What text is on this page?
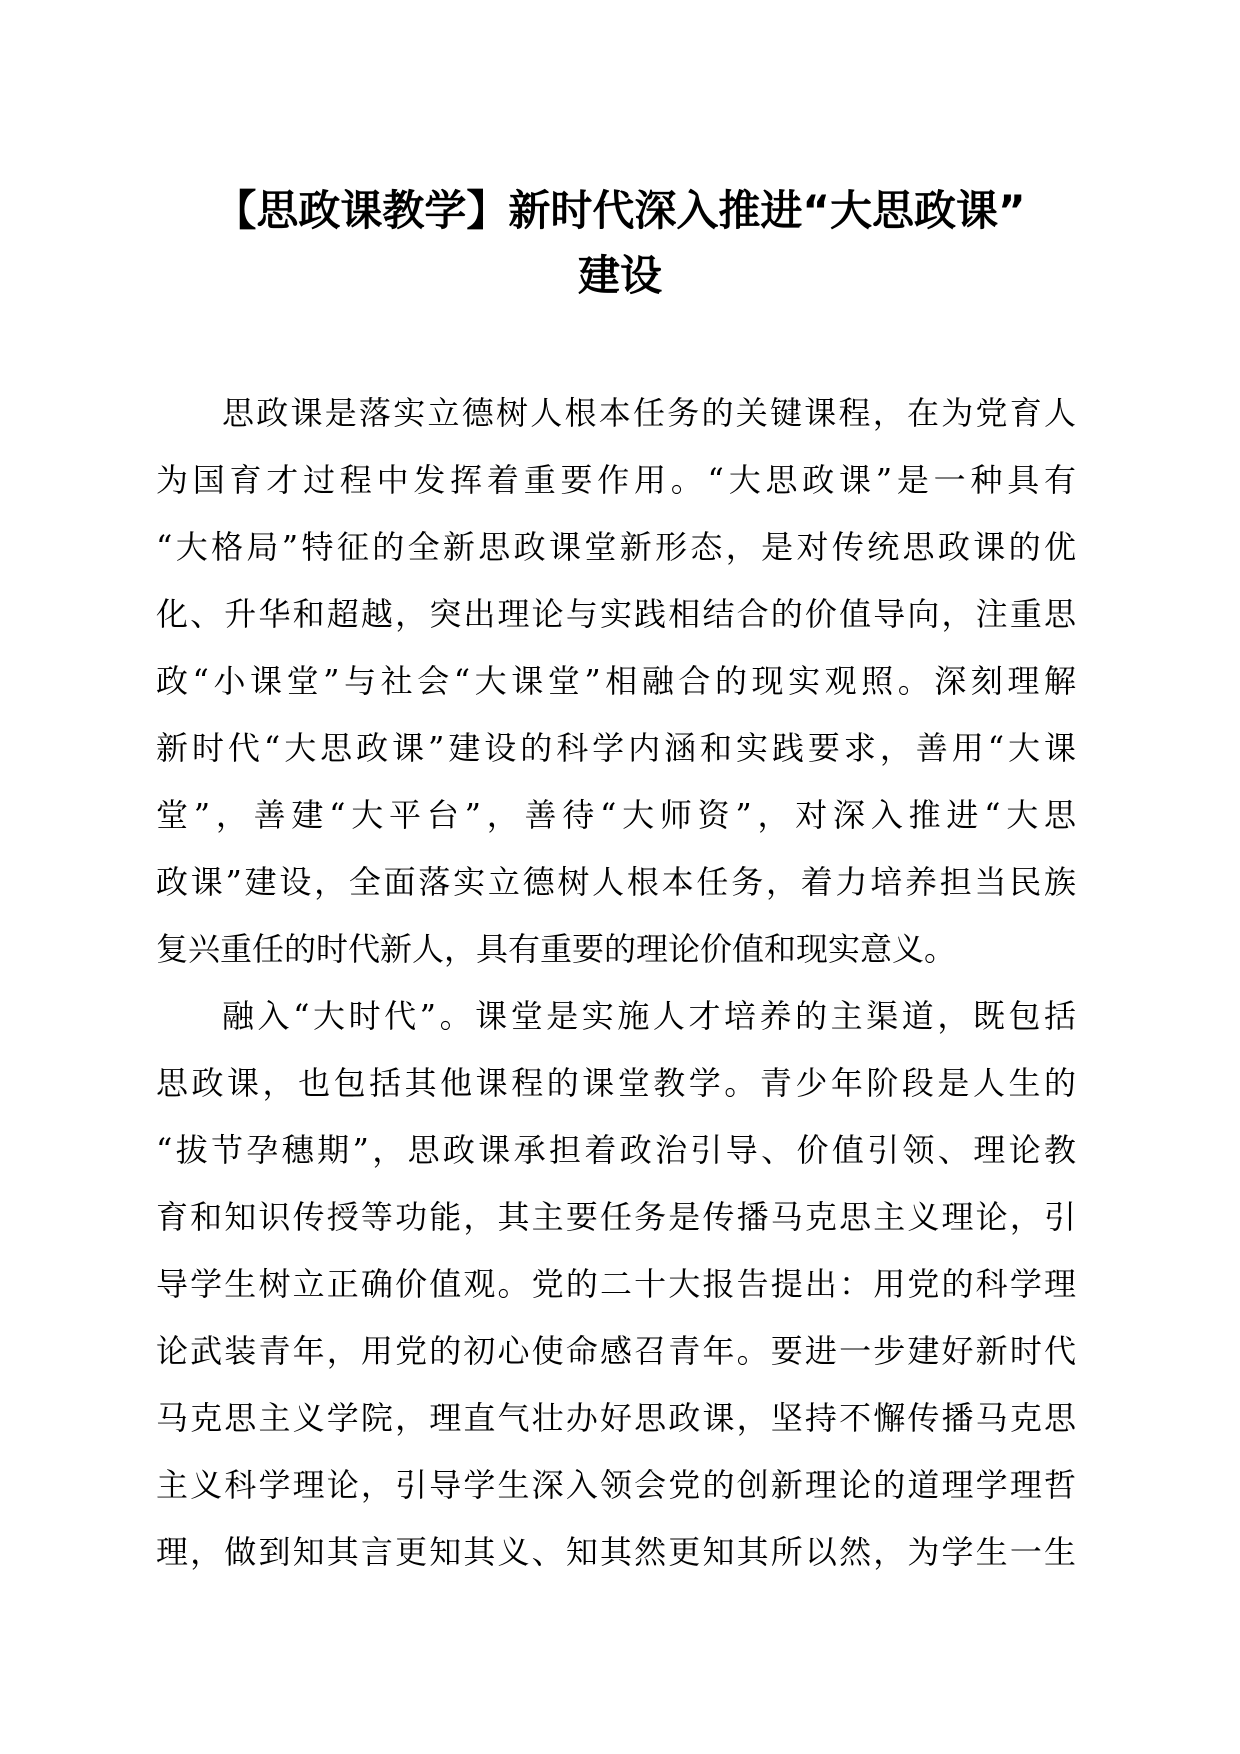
【思政课教学】新时代深入推进“大思政课”
建设

思政课是落实立德树人根本任务的关键课程，在为党育人

为国育才过程中发挥着重要作用。“大思政课”是一种具有

“大格局”特征的全新思政课堂新形态，是对传统思政课的优

化、升华和超越，突出理论与实践相结合的价值导向，注重思

政“小课堂”与社会“大课堂”相融合的现实观照。深刻理解

新时代“大思政课”建设的科学内涵和实践要求，善用“大课

堂”，善建“大平台”，善待“大师资”，对深入推进“大思

政课”建设，全面落实立德树人根本任务，着力培养担当民族

复兴重任的时代新人，具有重要的理论价值和现实意义。

融入“大时代”。课堂是实施人才培养的主渠道，既包括

思政课，也包括其他课程的课堂教学。青少年阶段是人生的

“拔节孕穗期”，思政课承担着政治引导、价值引领、理论教

育和知识传授等功能，其主要任务是传播马克思主义理论，引

导学生树立正确价值观。党的二十大报告提出：用党的科学理

论武装青年，用党的初心使命感召青年。要进一步建好新时代

马克思主义学院，理直气壮办好思政课，坚持不懈传播马克思

主义科学理论，引导学生深入领会党的创新理论的道理学理哲

理，做到知其言更知其义、知其然更知其所以然，为学生一生
